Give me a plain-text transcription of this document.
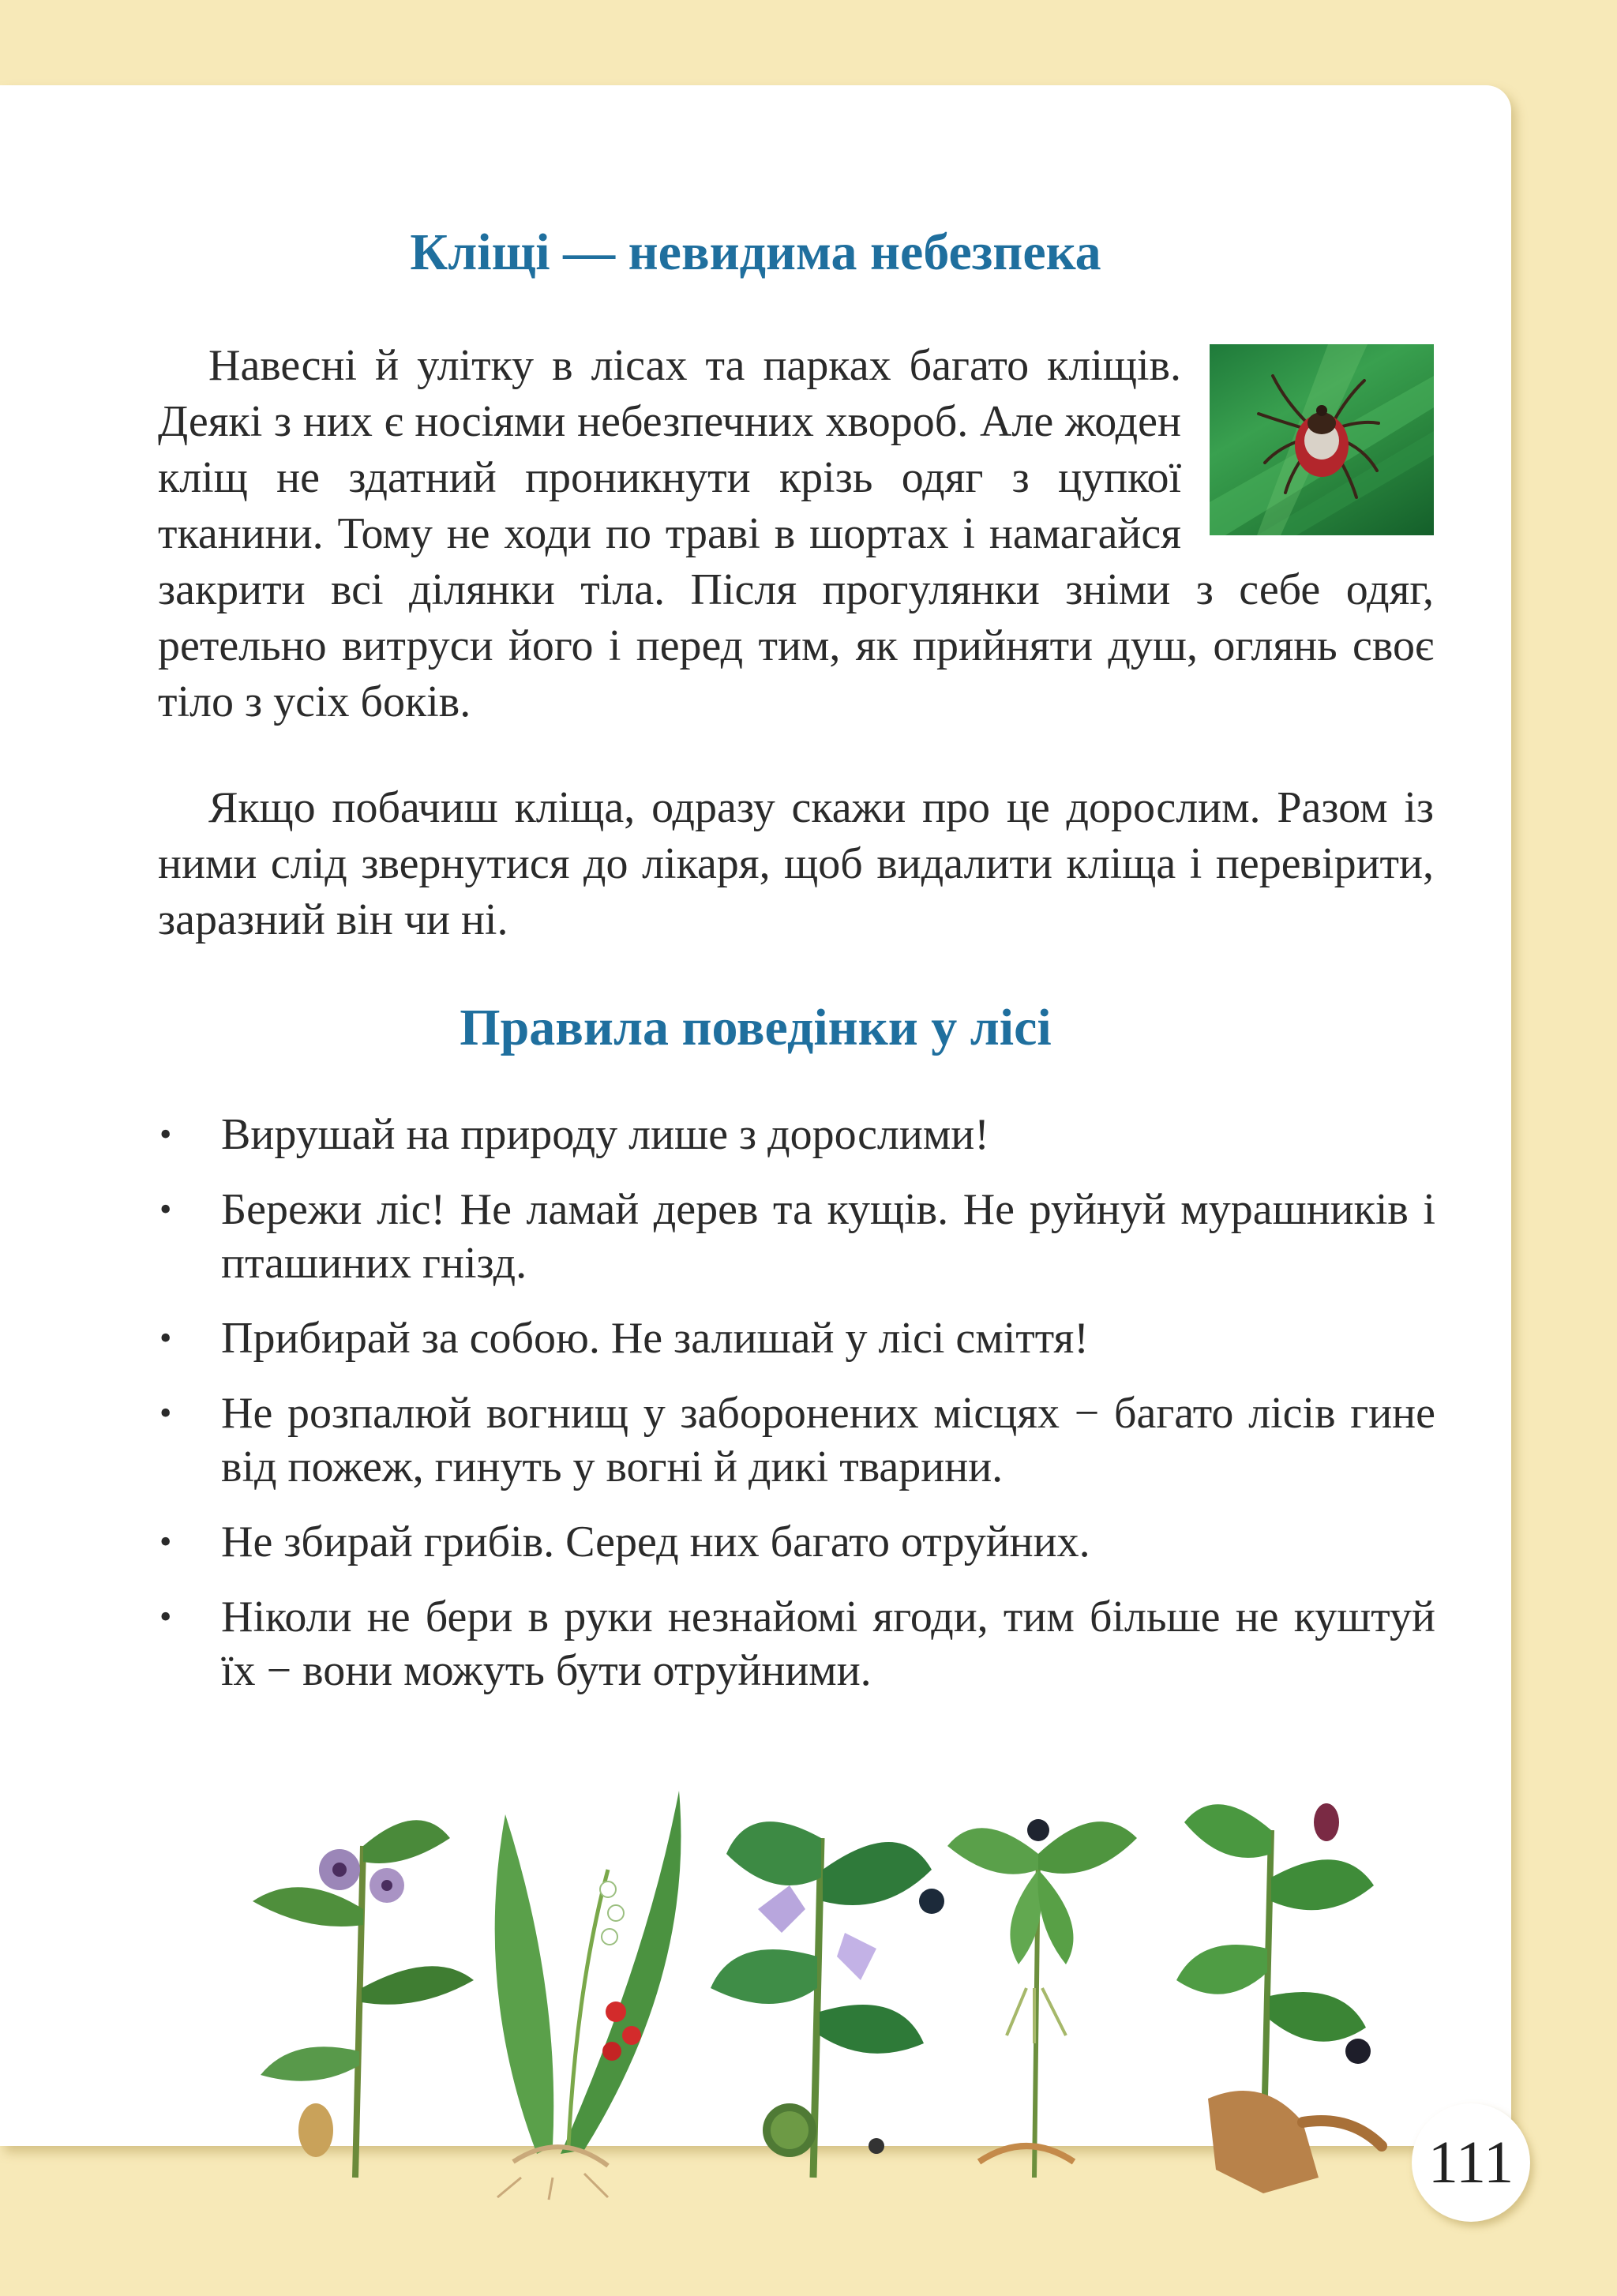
Кліщі — невидима небезпека

Навесні й улітку в лісах та парках багато кліщів. Деякі з них є носіями небезпечних хвороб. Але жоден кліщ не здатний проникнути крізь одяг з цупкої тканини. Тому не ходи по траві в шортах і намагайся закрити всі ділянки тіла. Після прогулянки зніми з себе одяг, ретельно витруси його і перед тим, як прийняти душ, оглянь своє тіло з усіх боків.

Якщо побачиш кліща, одразу скажи про це дорослим. Разом із ними слід звернутися до лікаря, щоб видалити кліща і перевірити, заразний він чи ні.

Правила поведінки у лісі
• Вирушай на природу лише з дорослими!
• Бережи ліс! Не ламай дерев та кущів. Не руйнуй мурашників і пташиних гнізд.
• Прибирай за собою. Не залишай у лісі сміття!
• Не розпалюй вогнищ у заборонених місцях − багато лісів гине від пожеж, гинуть у вогні й дикі тварини.
• Не збирай грибів. Серед них багато отруйних.
• Ніколи не бери в руки незнайомі ягоди, тим більше не куштуй їх − вони можуть бути отруйними.
111
